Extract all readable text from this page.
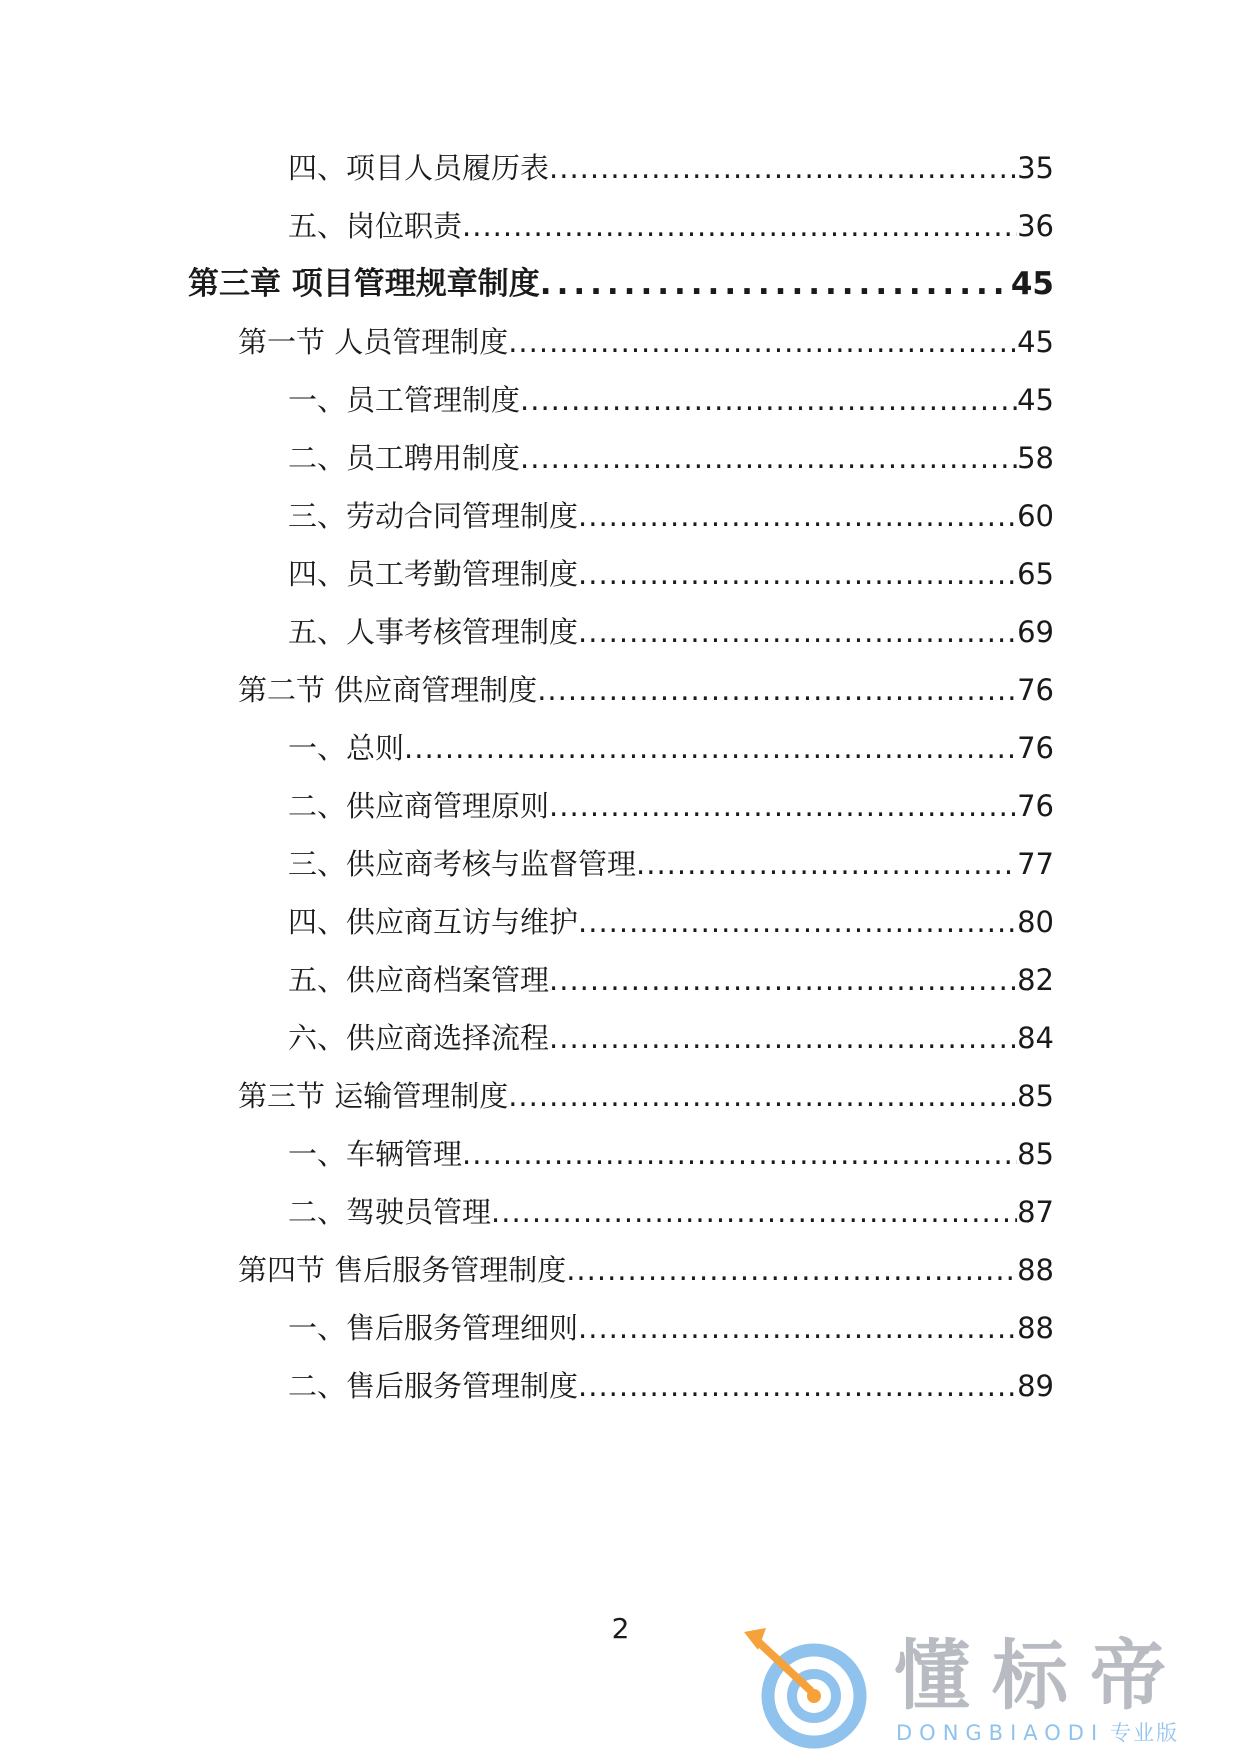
四、项目人员履历表 .....	35
五、岗位职责 .....	36
第三章 项目管理规章制度 .....	45
第一节 人员管理制度 .....	45
一、员工管理制度 .....	45
二、员工聘用制度 .....	58
三、劳动合同管理制度 .....	60
四、员工考勤管理制度 .....	65
五、人事考核管理制度 .....	69
第二节 供应商管理制度 .....	76
一、总则 .....	76
二、供应商管理原则 .....	76
三、供应商考核与监督管理 .....	77
四、供应商互访与维护 .....	80
五、供应商档案管理 .....	82
六、供应商选择流程 .....	84
第三节 运输管理制度 .....	85
一、车辆管理 .....	85
二、驾驶员管理 .....	87
第四节 售后服务管理制度 .....	88
一、售后服务管理细则 .....	88
二、售后服务管理制度 .....	89
2
懂标帝
DONGBIAODI 专业版
